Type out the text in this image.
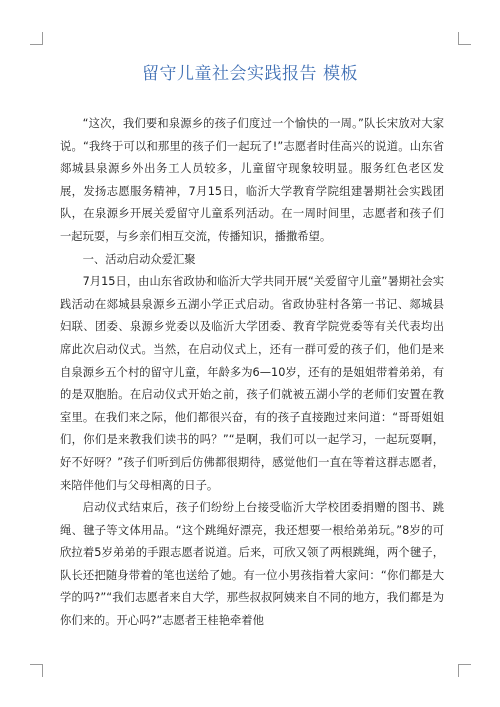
留守儿童社会实践报告 模板

“这次，我们要和泉源乡的孩子们度过一个愉快的一周。”队长宋放对大家说。“我终于可以和那里的孩子们一起玩了!”志愿者时佳高兴的说道。山东省郯城县泉源乡外出务工人员较多，儿童留守现象较明显。服务红色老区发展，发扬志愿服务精神，7月15日，临沂大学教育学院组建暑期社会实践团队，在泉源乡开展关爱留守儿童系列活动。在一周时间里，志愿者和孩子们一起玩耍，与乡亲们相互交流，传播知识，播撒希望。

一、活动启动众爱汇聚

7月15日，由山东省政协和临沂大学共同开展“关爱留守儿童”暑期社会实践活动在郯城县泉源乡五湖小学正式启动。省政协驻村各第一书记、郯城县妇联、团委、泉源乡党委以及临沂大学团委、教育学院党委等有关代表均出席此次启动仪式。当然，在启动仪式上，还有一群可爱的孩子们，他们是来自泉源乡五个村的留守儿童，年龄多为6—10岁，还有的是姐姐带着弟弟，有的是双胞胎。在启动仪式开始之前，孩子们就被五湖小学的老师们安置在教室里。在我们来之际，他们都很兴奋，有的孩子直接跑过来问道：“哥哥姐姐们，你们是来教我们读书的吗？”“是啊，我们可以一起学习，一起玩耍啊，好不好呀？”孩子们听到后仿佛都很期待，感觉他们一直在等着这群志愿者，来陪伴他们与父母相离的日子。

启动仪式结束后，孩子们纷纷上台接受临沂大学校团委捐赠的图书、跳绳、毽子等文体用品。“这个跳绳好漂亮，我还想要一根给弟弟玩。”8岁的可欣拉着5岁弟弟的手跟志愿者说道。后来，可欣又领了两根跳绳，两个毽子，队长还把随身带着的笔也送给了她。有一位小男孩指着大家问：“你们都是大学的吗?”“我们志愿者来自大学，那些叔叔阿姨来自不同的地方，我们都是为你们来的。开心吗?”志愿者王桂艳牵着他
